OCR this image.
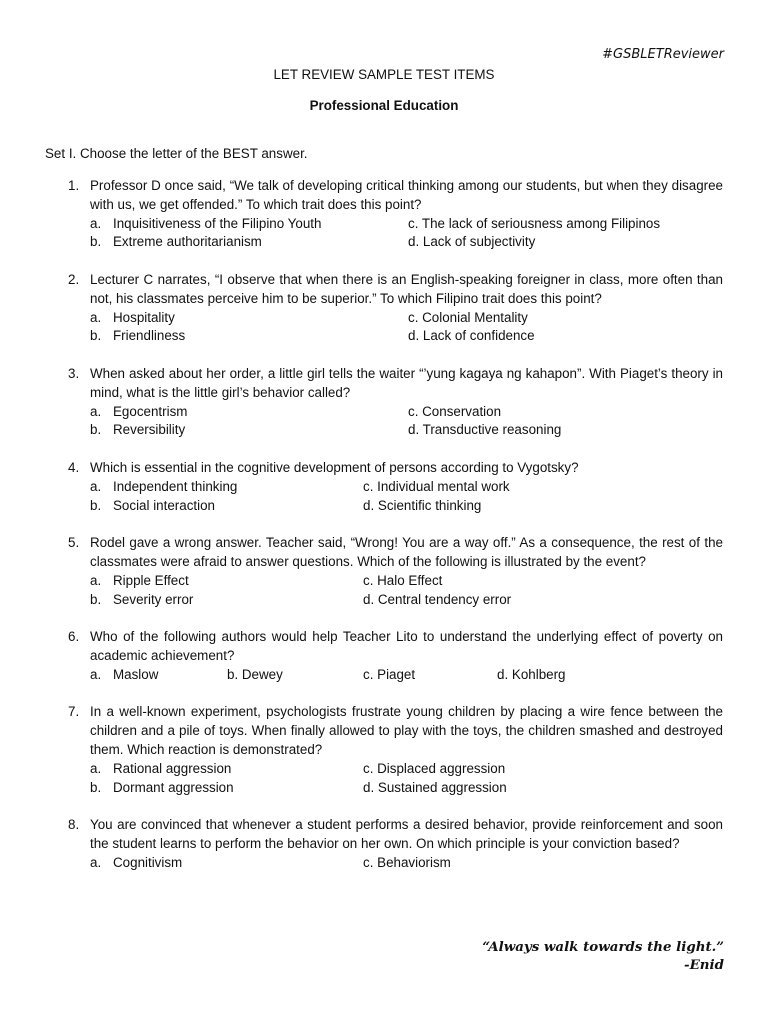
#GSBLETReviewer
LET REVIEW SAMPLE TEST ITEMS
Professional Education
Set I. Choose the letter of the BEST answer.
1. Professor D once said, “We talk of developing critical thinking among our students, but when they disagree with us, we get offended.” To which trait does this point?
a. Inquisitiveness of the Filipino Youth	c. The lack of seriousness among Filipinos
b. Extreme authoritarianism	d. Lack of subjectivity
2. Lecturer C narrates, “I observe that when there is an English-speaking foreigner in class, more often than not, his classmates perceive him to be superior.” To which Filipino trait does this point?
a. Hospitality	c. Colonial Mentality
b. Friendliness	d. Lack of confidence
3. When asked about her order, a little girl tells the waiter “’yung kagaya ng kahapon”. With Piaget’s theory in mind, what is the little girl’s behavior called?
a. Egocentrism	c. Conservation
b. Reversibility	d. Transductive reasoning
4. Which is essential in the cognitive development of persons according to Vygotsky?
a. Independent thinking	c. Individual mental work
b. Social interaction	d. Scientific thinking
5. Rodel gave a wrong answer. Teacher said, “Wrong! You are a way off.” As a consequence, the rest of the classmates were afraid to answer questions. Which of the following is illustrated by the event?
a. Ripple Effect	c. Halo Effect
b. Severity error	d. Central tendency error
6. Who of the following authors would help Teacher Lito to understand the underlying effect of poverty on academic achievement?
a. Maslow	b. Dewey	c. Piaget	d. Kohlberg
7. In a well-known experiment, psychologists frustrate young children by placing a wire fence between the children and a pile of toys. When finally allowed to play with the toys, the children smashed and destroyed them. Which reaction is demonstrated?
a. Rational aggression	c. Displaced aggression
b. Dormant aggression	d. Sustained aggression
8. You are convinced that whenever a student performs a desired behavior, provide reinforcement and soon the student learns to perform the behavior on her own. On which principle is your conviction based?
a. Cognitivism	c. Behaviorism
“Always walk towards the light.”
-Enid
